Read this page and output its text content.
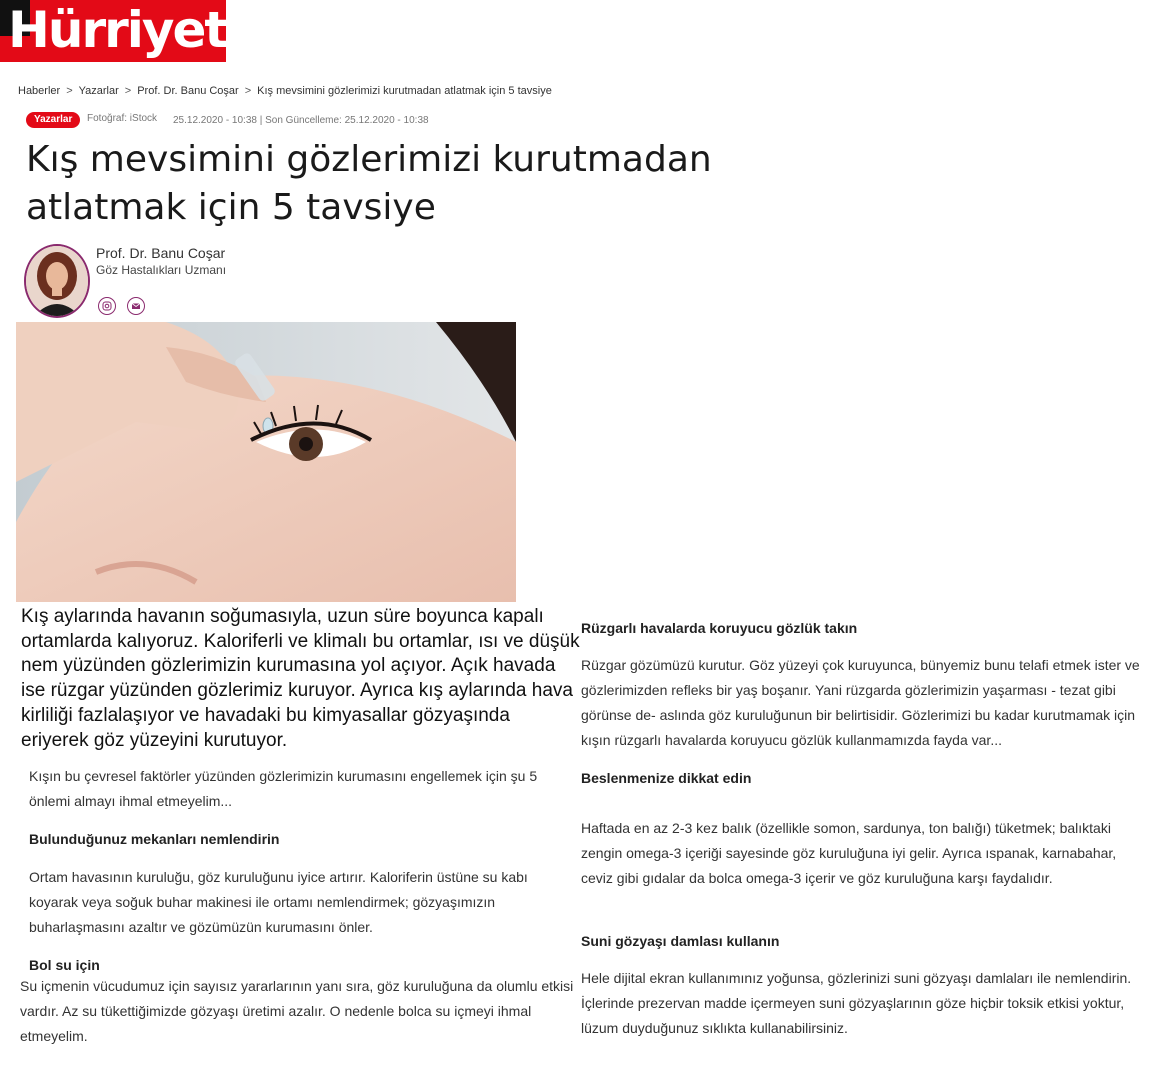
Hürriyet
Haberler > Yazarlar > Prof. Dr. Banu Coşar > Kış mevsimini gözlerimizi kurutmadan atlatmak için 5 tavsiye
Yazarlar	Fotoğraf: iStock 25.12.2020 - 10:38 | Son Güncelleme: 25.12.2020 - 10:38
Kış mevsimini gözlerimizi kurutmadan atlatmak için 5 tavsiye
Prof. Dr. Banu Coşar
Göz Hastalıkları Uzmanı

Kış aylarında havanın soğumasıyla, uzun süre boyunca kapalı ortamlarda kalıyoruz. Kaloriferli ve klimalı bu ortamlar, ısı ve düşük nem yüzünden gözlerimizin kurumasına yol açıyor. Açık havada ise rüzgar yüzünden gözlerimiz kuruyor. Ayrıca kış aylarında hava kirliliği fazlalaşıyor ve havadaki bu kimyasallar gözyaşında eriyerek göz yüzeyini kurutuyor.

Kışın bu çevresel faktörler yüzünden gözlerimizin kurumasını engellemek için şu 5 önlemi almayı ihmal etmeyelim...

Bulunduğunuz mekanları nemlendirin

Ortam havasının kuruluğu, göz kuruluğunu iyice artırır. Kaloriferin üstüne su kabı koyarak veya soğuk buhar makinesi ile ortamı nemlendirmek; gözyaşımızın buharlaşmasını azaltır ve gözümüzün kurumasını önler.

Bol su için

Su içmenin vücudumuz için sayısız yararlarının yanı sıra, göz kuruluğuna da olumlu etkisi vardır. Az su tükettiğimizde gözyaşı üretimi azalır. O nedenle bolca su içmeyi ihmal etmeyelim.

Rüzgarlı havalarda koruyucu gözlük takın

Rüzgar gözümüzü kurutur. Göz yüzeyi çok kuruyunca, bünyemiz bunu telafi etmek ister ve gözlerimizden refleks bir yaş boşanır. Yani rüzgarda gözlerimizin yaşarması - tezat gibi görünse de- aslında göz kuruluğunun bir belirtisidir. Gözlerimizi bu kadar kurutmamak için kışın rüzgarlı havalarda koruyucu gözlük kullanmamızda fayda var...

Beslenmenize dikkat edin

Haftada en az 2-3 kez balık (özellikle somon, sardunya, ton balığı) tüketmek; balıktaki zengin omega-3 içeriği sayesinde göz kuruluğuna iyi gelir. Ayrıca ıspanak, karnabahar, ceviz gibi gıdalar da bolca omega-3 içerir ve göz kuruluğuna karşı faydalıdır.

Suni gözyaşı damlası kullanın

Hele dijital ekran kullanımınız yoğunsa, gözlerinizi suni gözyaşı damlaları ile nemlendirin. İçlerinde prezervan madde içermeyen suni gözyaşlarının göze hiçbir toksik etkisi yoktur, lüzum duyduğunuz sıklıkta kullanabilirsiniz.
